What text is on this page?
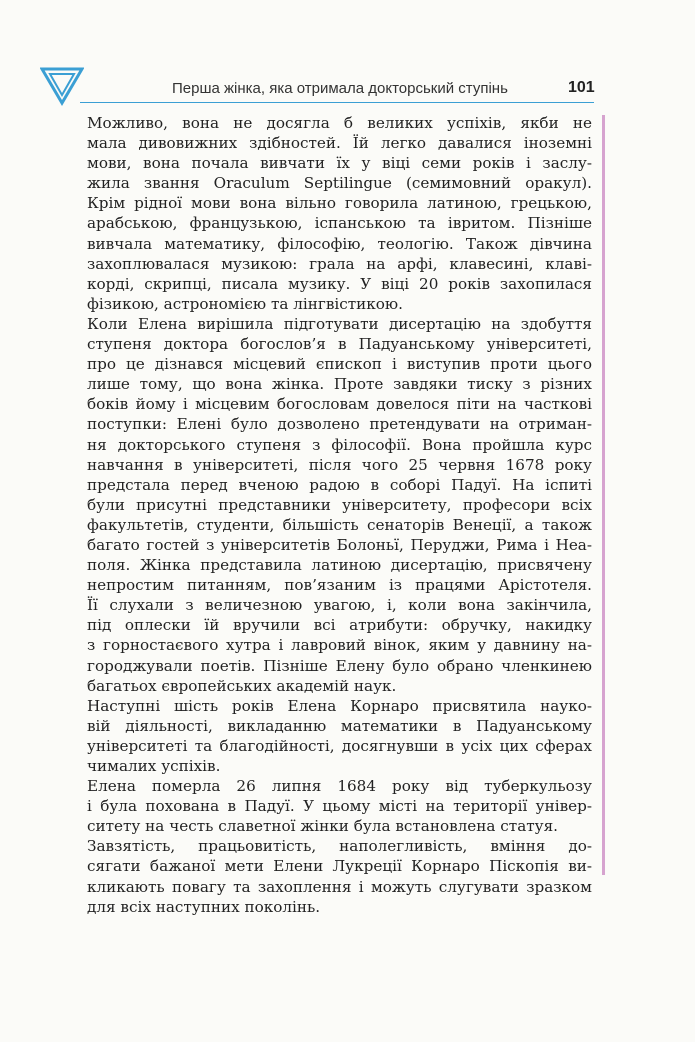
Перша жінка, яка отримала докторський ступінь	101
Можливо, вона не досягла б великих успіхів, якби не
мала дивовижних здібностей. Їй легко давалися іноземні
мови, вона почала вивчати їх у віці семи років і заслу-
жила звання Oraculum Septilingue (семимовний оракул).
Крім рідної мови вона вільно говорила латиною, грецькою,
арабською, французькою, іспанською та івритом. Пізніше
вивчала математику, філософію, теологію. Також дівчина
захоплювалася музикою: грала на арфі, клавесині, клаві-
корді, скрипці, писала музику. У віці 20 років захопилася
фізикою, астрономією та лінгвістикою.
Коли Елена вирішила підготувати дисертацію на здобуття
ступеня доктора богослов’я в Падуанському університеті,
про це дізнався місцевий єпископ і виступив проти цього
лише тому, що вона жінка. Проте завдяки тиску з різних
боків йому і місцевим богословам довелося піти на часткові
поступки: Елені було дозволено претендувати на отриман-
ня докторського ступеня з філософії. Вона пройшла курс
навчання в університеті, після чого 25 червня 1678 року
предстала перед вченою радою в соборі Падуї. На іспиті
були присутні представники університету, професори всіх
факультетів, студенти, більшість сенаторів Венеції, а також
багато гостей з університетів Болоньї, Перуджи, Рима і Неа-
поля. Жінка представила латиною дисертацію, присвячену
непростим питанням, пов’язаним із працями Арістотеля.
Її слухали з величезною увагою, і, коли вона закінчила,
під оплески їй вручили всі атрибути: обручку, накидку
з горностаєвого хутра і лавровий вінок, яким у давнину на-
городжували поетів. Пізніше Елену було обрано членкинею
багатьох європейських академій наук.
Наступні шість років Елена Корнаро присвятила науко-
вій діяльності, викладанню математики в Падуанському
університеті та благодійності, досягнувши в усіх цих сферах
чималих успіхів.
Елена померла 26 липня 1684 року від туберкульозу
і була похована в Падуї. У цьому місті на території універ-
ситету на честь славетної жінки була встановлена статуя.
Завзятість, працьовитість, наполегливість, вміння до-
сягати бажаної мети Елени Лукреції Корнаро Піскопія ви-
кликають повагу та захоплення і можуть слугувати зразком
для всіх наступних поколінь.
